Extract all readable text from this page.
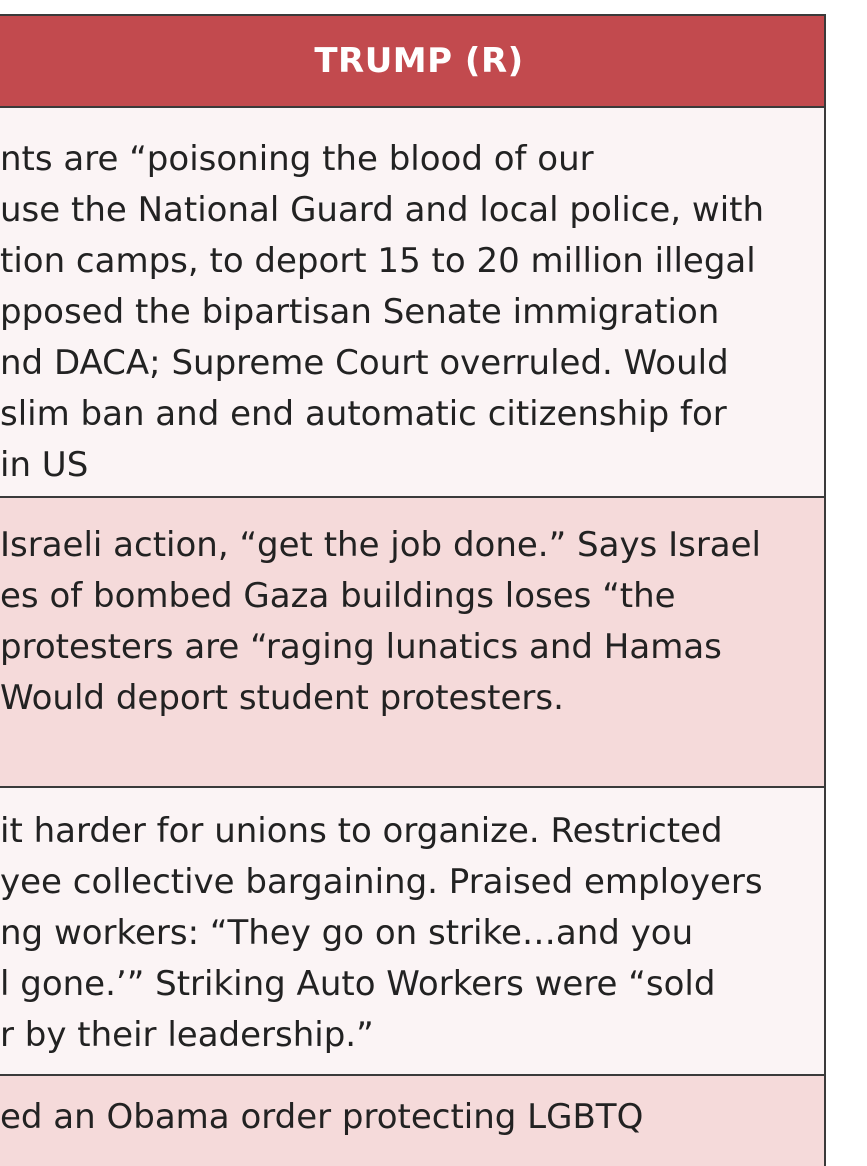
TRUMP (R)
nts are “poisoning the blood of our
use the National Guard and local police, with
tion camps, to deport 15 to 20 million illegal
pposed the bipartisan Senate immigration
nd DACA; Supreme Court overruled. Would
slim ban and end automatic citizenship for
in US
Israeli action, “get the job done.” Says Israel
es of bombed Gaza buildings loses “the
protesters are “raging lunatics and Hamas
Would deport student protesters.
it harder for unions to organize. Restricted
yee collective bargaining. Praised employers
ng workers: “They go on strike…and you
l gone.’” Striking Auto Workers were “sold
r by their leadership.”
ed an Obama order protecting LGBTQ
